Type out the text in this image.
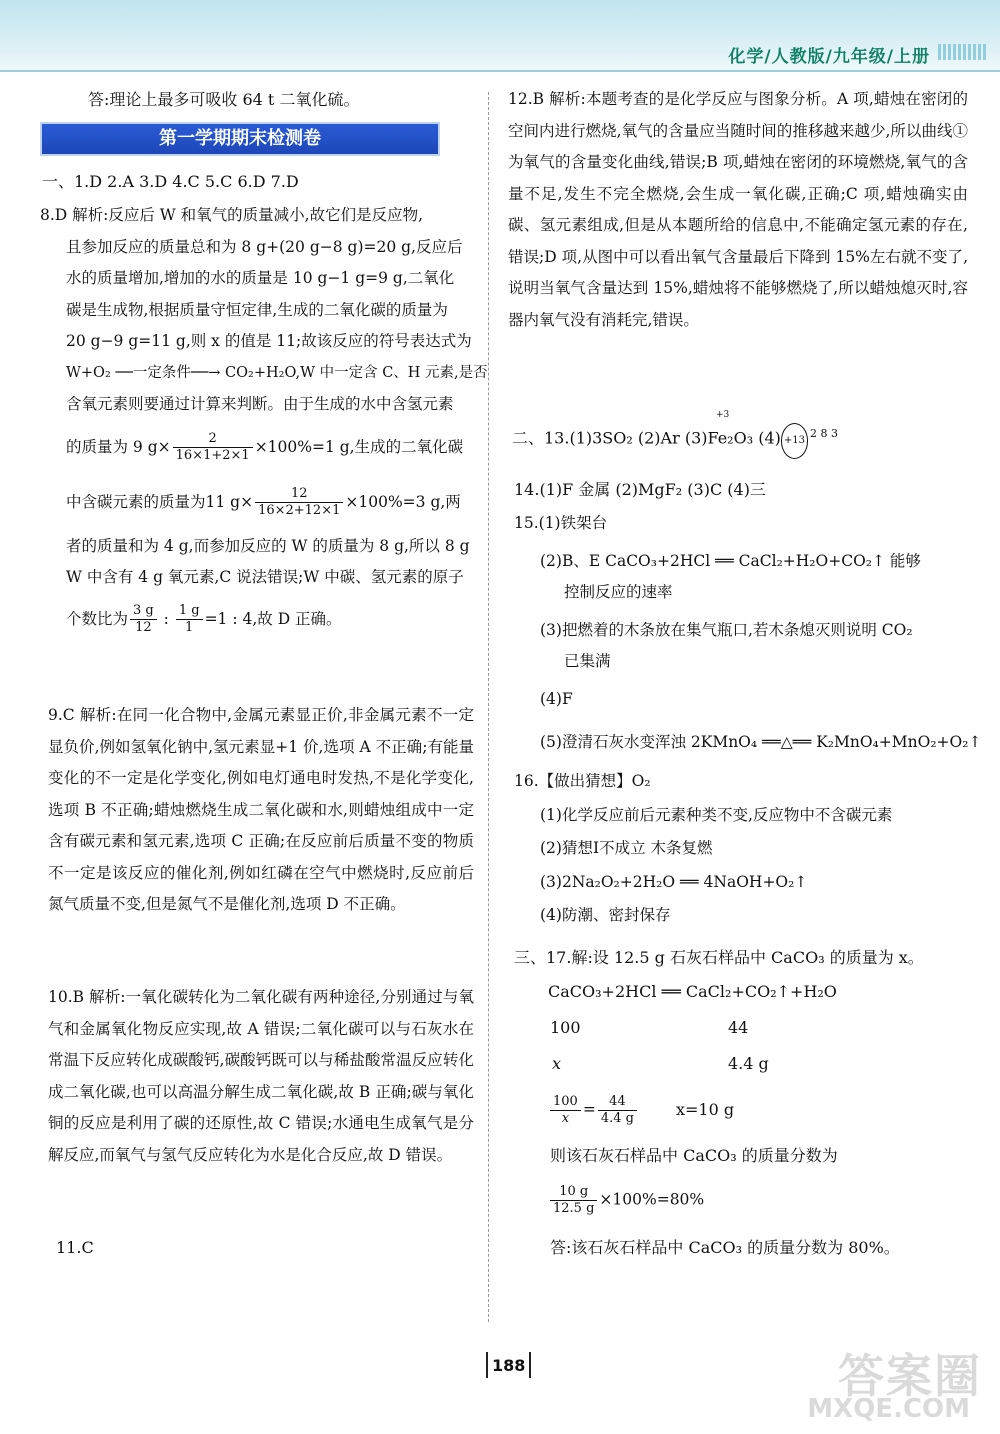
化学/人教版/九年级/上册
答:理论上最多可吸收 64 t 二氧化硫。
第一学期期末检测卷
一、1.D 2.A 3.D 4.C 5.C 6.D 7.D
8.D 解析:反应后 W 和氧气的质量减小,故它们是反应物,
且参加反应的质量总和为 8 g+(20 g−8 g)=20 g,反应后
水的质量增加,增加的水的质量是 10 g−1 g=9 g,二氧化
碳是生成物,根据质量守恒定律,生成的二氧化碳的质量为
20 g−9 g=11 g,则 x 的值是 11;故该反应的符号表达式为
W+O₂ ──一定条件──→ CO₂+H₂O,W 中一定含 C、H 元素,是否
含氧元素则要通过计算来判断。由于生成的水中含氢元素
的质量为 9 $g\times \frac{2}{16\times 1+2\times 1} \times 100\%=1$ g,生成的二氧化碳
中含碳元素的质量为11 $g\times \frac{12}{16\times 2+12\times 1} \times 100\%=3$ g,两
者的质量和为 4 g,而参加反应的 W 的质量为 8 g,所以 8 g
W 中含有 4 g 氧元素,C 说法错误;W 中碳、氢元素的原子
个数比为 $\frac{3 g}{12}$ : $\frac{1 g}{1} =1$ : 4,故 D 正确。

9.C 解析:在同一化合物中,金属元素显正价,非金属元素不一定显负价,例如氢氧化钠中,氢元素显+1 价,选项 A 不正确;有能量变化的不一定是化学变化,例如电灯通电时发热,不是化学变化,选项 B 不正确;蜡烛燃烧生成二氧化碳和水,则蜡烛组成中一定含有碳元素和氢元素,选项 C 正确;在反应前后质量不变的物质不一定是该反应的催化剂,例如红磷在空气中燃烧时,反应前后氮气质量不变,但是氮气不是催化剂,选项 D 不正确。

10.B 解析:一氧化碳转化为二氧化碳有两种途径,分别通过与氧气和金属氧化物反应实现,故 A 错误;二氧化碳可以与石灰水在常温下反应转化成碳酸钙,碳酸钙既可以与稀盐酸常温反应转化成二氧化碳,也可以高温分解生成二氧化碳,故 B 正确;碳与氧化铜的反应是利用了碳的还原性,故 C 错误;水通电生成氧气是分解反应,而氧气与氢气反应转化为水是化合反应,故 D 错误。

11.C

12.B 解析:本题考查的是化学反应与图象分析。A 项,蜡烛在密闭的空间内进行燃烧,氧气的含量应当随时间的推移越来越少,所以曲线①为氧气的含量变化曲线,错误;B 项,蜡烛在密闭的环境燃烧,氧气的含量不足,发生不完全燃烧,会生成一氧化碳,正确;C 项,蜡烛确实由碳、氢元素组成,但是从本题所给的信息中,不能确定氢元素的存在,错误;D 项,从图中可以看出氧气含量最后下降到 15%左右就不变了,说明当氧气含量达到 15%,蜡烛将不能够燃烧了,所以蜡烛熄灭时,容器内氧气没有消耗完,错误。

二、13.(1)3SO₂ (2)Ar (3)Fe₂O₃ $(4) +13^{2 8 3}$
+3
14.(1)F 金属 (2)MgF₂ (3)C (4)三
15.(1)铁架台
(2)B、E CaCO₃+2HCl ══ CaCl₂+H₂O+CO₂↑ 能够
控制反应的速率
(3)把燃着的木条放在集气瓶口,若木条熄灭则说明 CO₂
已集满
(4)F
(5)澄清石灰水变浑浊 2KMnO₄ ══△══ K₂MnO₄+MnO₂+O₂↑
16.【做出猜想】O₂
(1)化学反应前后元素种类不变,反应物中不含碳元素
(2)猜想Ⅰ不成立 木条复燃
(3)2Na₂O₂+2H₂O ══ 4NaOH+O₂↑
(4)防潮、密封保存
三、17.解:设 12.5 g 石灰石样品中 CaCO₃ 的质量为 x。
CaCO₃+2HCl ══ CaCl₂+CO₂↑+H₂O
100	44
x	4.4 g
$\frac{100}{x} = \frac{44}{4.4 g} x=10$ g
则该石灰石样品中 CaCO₃ 的质量分数为
$\frac{10 g}{12.5 g} \times 100\%=80\%$
答:该石灰石样品中 CaCO₃ 的质量分数为 80%。
188	答案圈
MXQE.COM
